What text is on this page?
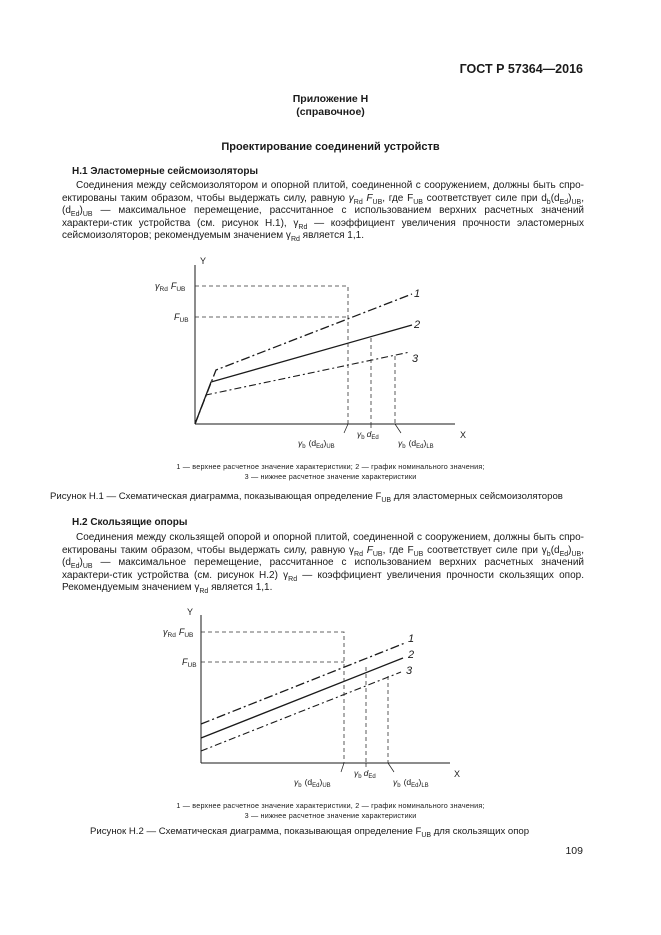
ГОСТ Р 57364—2016
Приложение Н
(справочное)
Проектирование соединений устройств
Н.1 Эластомерные сейсмоизоляторы
Соединения между сейсмоизолятором и опорной плитой, соединенной с сооружением, должны быть спро-ектированы таким образом, чтобы выдержать силу, равную $\gamma_{Rd}$ $F_{UB}$, где $F_{UB}$ соответствует силе при $d_b(d_{Ed})_{UB}$, $(d_{Ed})_{UB}$ — максимальное перемещение, рассчитанное с использованием верхних расчетных значений характери-стик устройства (см. рисунок Н.1), $\gamma_{Rd}$ — коэффициент увеличения прочности эластомерных сейсмоизоляторов; рекомендуемым значением $\gamma_{Rd}$ является 1,1.
Y
X
$\gamma_{Rd}$ $F_{UB}$
$F_{UB}$
1
2
3
$\gamma_b$ $(d_{Ed})_{UB}$
$\gamma_b$ $d_{Ed}$ $\gamma_b$ $(d_{Ed})_{LB}$
1 — верхнее расчетное значение характеристики; 2 — график номинального значения;
3 — нижнее расчетное значение характеристики
Рисунок Н.1 — Схематическая диаграмма, показывающая определение $F_{UB}$ для эластомерных сейсмоизоляторов
Н.2 Скользящие опоры
Соединения между скользящей опорой и опорной плитой, соединенной с сооружением, должны быть спро-ектированы таким образом, чтобы выдержать силу, равную $\gamma_{Rd}$ $F_{UB}$, где $F_{UB}$ соответствует силе при $\gamma_b(d_{Ed})_{UB}$, $(d_{Ed})_{UB}$ — максимальное перемещение, рассчитанное с использованием верхних расчетных значений характери-стик устройства (см. рисунок Н.2) $\gamma_{Rd}$ — коэффициент увеличения прочности скользящих опор. Рекомендуемым значением $\gamma_{Rd}$ является 1,1.
Y
X
$\gamma_{Rd}$ $F_{UB}$
$F_{UB}$
1
2
3
$\gamma_b$ $(d_{Ed})_{UB}$
$\gamma_b$ $d_{Ed}$ $\gamma_b$ $(d_{Ed})_{LB}$
1 — верхнее расчетное значение характеристики, 2 — график номинального значения;
3 — нижнее расчетное значение характеристики
Рисунок Н.2 — Схематическая диаграмма, показывающая определение $F_{UB}$ для скользящих опор
109
